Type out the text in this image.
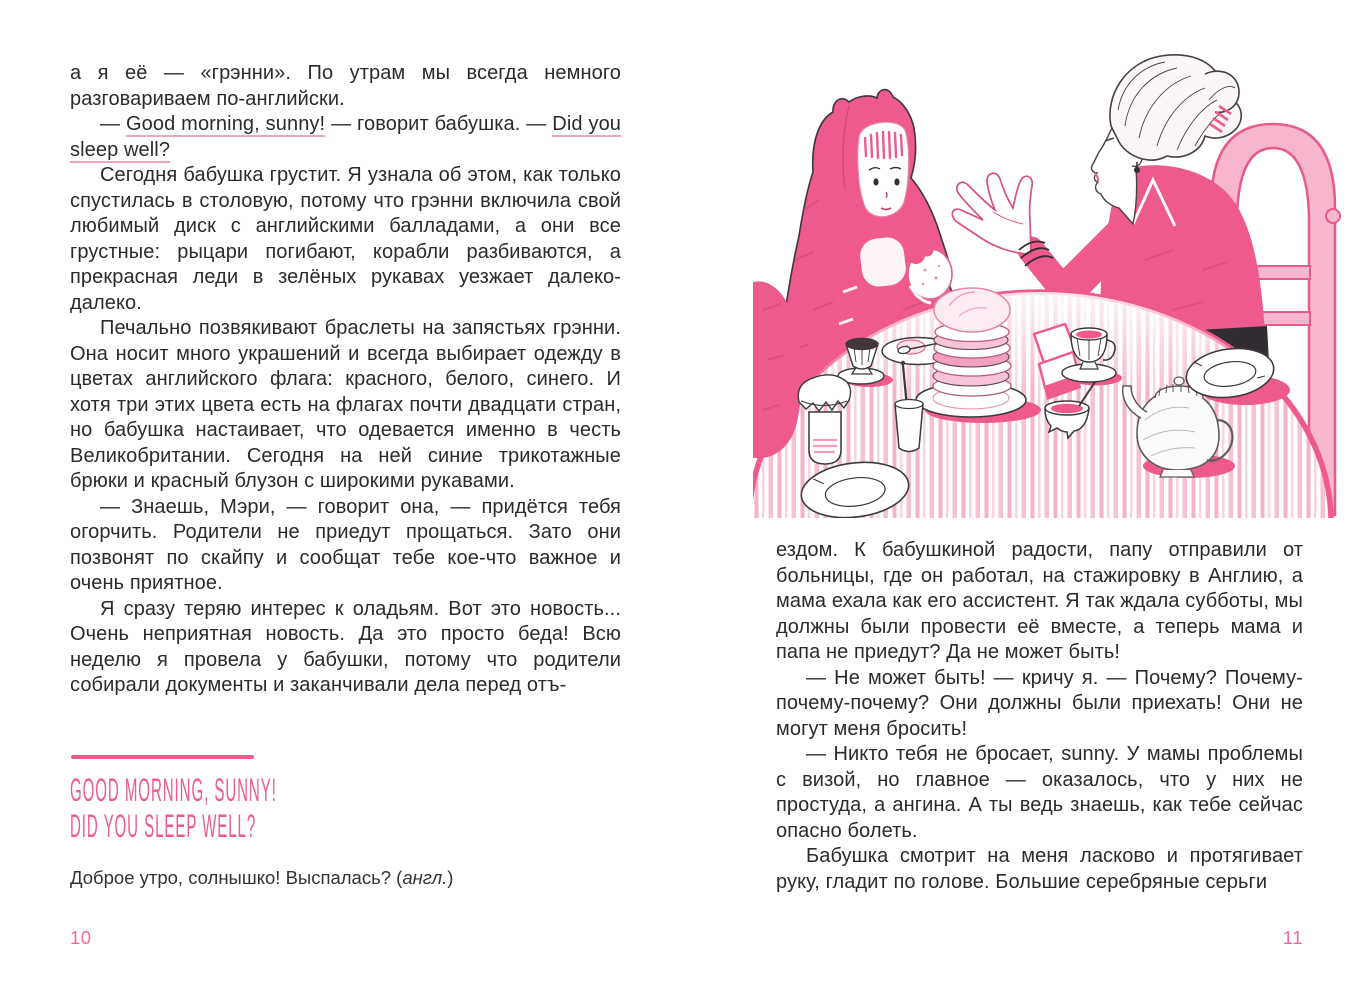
а я её — «грэнни». По утрам мы всегда немного разговариваем по-английски.

— Good morning, sunny! — говорит бабушка. — Did you sleep well?

Сегодня бабушка грустит. Я узнала об этом, как только спустилась в столовую, потому что грэнни включила свой любимый диск с английскими балладами, а они все грустные: рыцари погибают, корабли разбиваются, а прекрасная леди в зелёных рукавах уезжает далеко-далеко.

Печально позвякивают браслеты на запястьях грэнни. Она носит много украшений и всегда выбирает одежду в цветах английского флага: красного, белого, синего. И хотя три этих цвета есть на флагах почти двадцати стран, но бабушка настаивает, что одевается именно в честь Великобритании. Сегодня на ней синие трикотажные брюки и красный блузон с широкими рукавами.

— Знаешь, Мэри, — говорит она, — придётся тебя огорчить. Родители не приедут прощаться. Зато они позвонят по скайпу и сообщат тебе кое-что важное и очень приятное.

Я сразу теряю интерес к оладьям. Вот это новость... Очень неприятная новость. Да это просто беда! Всю неделю я провела у бабушки, потому что родители собирали документы и заканчивали дела перед отъ-

GOOD MORNING, SUNNY!
DID YOU SLEEP WELL?

Доброе утро, солнышко! Выспалась? (англ.)

10	11

ездом. К бабушкиной радости, папу отправили от больницы, где он работал, на стажировку в Англию, а мама ехала как его ассистент. Я так ждала субботы, мы должны были провести её вместе, а теперь мама и папа не приедут? Да не может быть!

— Не может быть! — кричу я. — Почему? Почему-почему-почему? Они должны были приехать! Они не могут меня бросить!

— Никто тебя не бросает, sunny. У мамы проблемы с визой, но главное — оказалось, что у них не простуда, а ангина. А ты ведь знаешь, как тебе сейчас опасно болеть.

Бабушка смотрит на меня ласково и протягивает руку, гладит по голове. Большие серебряные серьги
